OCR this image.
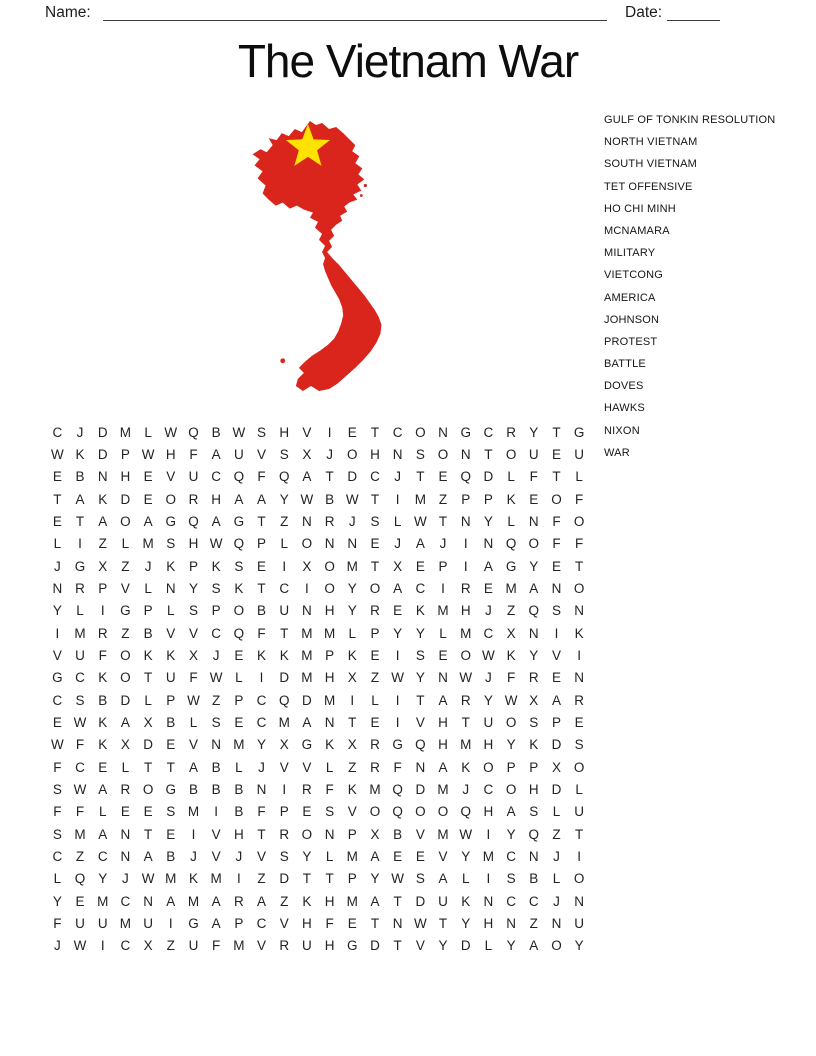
Name:	Date:
The Vietnam War
GULF OF TONKIN RESOLUTION
NORTH VIETNAM
SOUTH VIETNAM
TET OFFENSIVE
HO CHI MINH
MCNAMARA
MILITARY
VIETCONG
AMERICA
JOHNSON
PROTEST
BATTLE
DOVES
HAWKS
NIXON
WAR
C	J	D M L W Q B W S H V	I	E	T	C O N G C R Y	T G
W K D P W H	F	A U V	S	X	J	O H N S O N	T O U E U
E	B N H E	V U C Q F Q A	T	D C	J	T	E Q D	L	F	T	L
T	A	K D E O R H A	A	Y W B W T	I	M Z	P	P	K	E O F
E	T	A O A G Q A G T	Z	N R	J	S	L W T	N Y	L	N	F O
L	I	Z	L M S H W Q P	L	O N N E	J	A	J	I	N Q O F	F
J	G X	Z	J	K	P	K	S	E	I	X O M T	X	E	P	I	A G Y	E	T
N R P	V	L	N Y	S	K	T	C	I	O Y O A C	I	R E M A N O
Y	L	I	G P	L	S	P O B U N H Y R E	K M H	J	Z Q S N
I	M R	Z	B	V	V C Q F	T M M L	P	Y	Y	L M C X N	I	K
V U	F O K	K	X	J	E	K	K M P	K	E	I	S	E O W K	Y	V	I
G C K O T	U	F W L	I	D M H X	Z W Y N W J	F	R E N
C S	B D	L	P W Z	P C Q D M	I	L	I	T	A R Y W X	A R
E W K	A	X	B	L	S	E C M A N	T	E	I	V H	T	U O S	P	E
W F	K	X D E	V N M Y	X G K	X R G Q H M H Y	K D S
F	C E	L	T	T	A	B	L	J	V	V	L	Z	R	F	N A	K O P	P	X O
S W A R O G B	B	B N	I	R	F	K M Q D M	J	C O H D	L
F	F	L	E	E	S M	I	B	F	P	E	S	V O Q O O Q H A	S	L	U
S M A N	T	E	I	V H	T	R O N P	X	B	V M W	I	Y Q Z	T
C	Z	C N A	B	J	V	J	V	S	Y	L M A	E	E	V	Y M C N	J	I
L	Q Y	J W M K M	I	Z	D	T	T	P	Y W S	A	L	I	S	B	L	O
Y	E M C N A M A R A	Z	K H M A	T	D U K N C C	J	N
F	U U M U	I	G A	P C V H	F	E	T	N W T	Y H N	Z	N U
J W	I	C X	Z	U	F M V R U H G D	T	V	Y D	L	Y	A O Y
